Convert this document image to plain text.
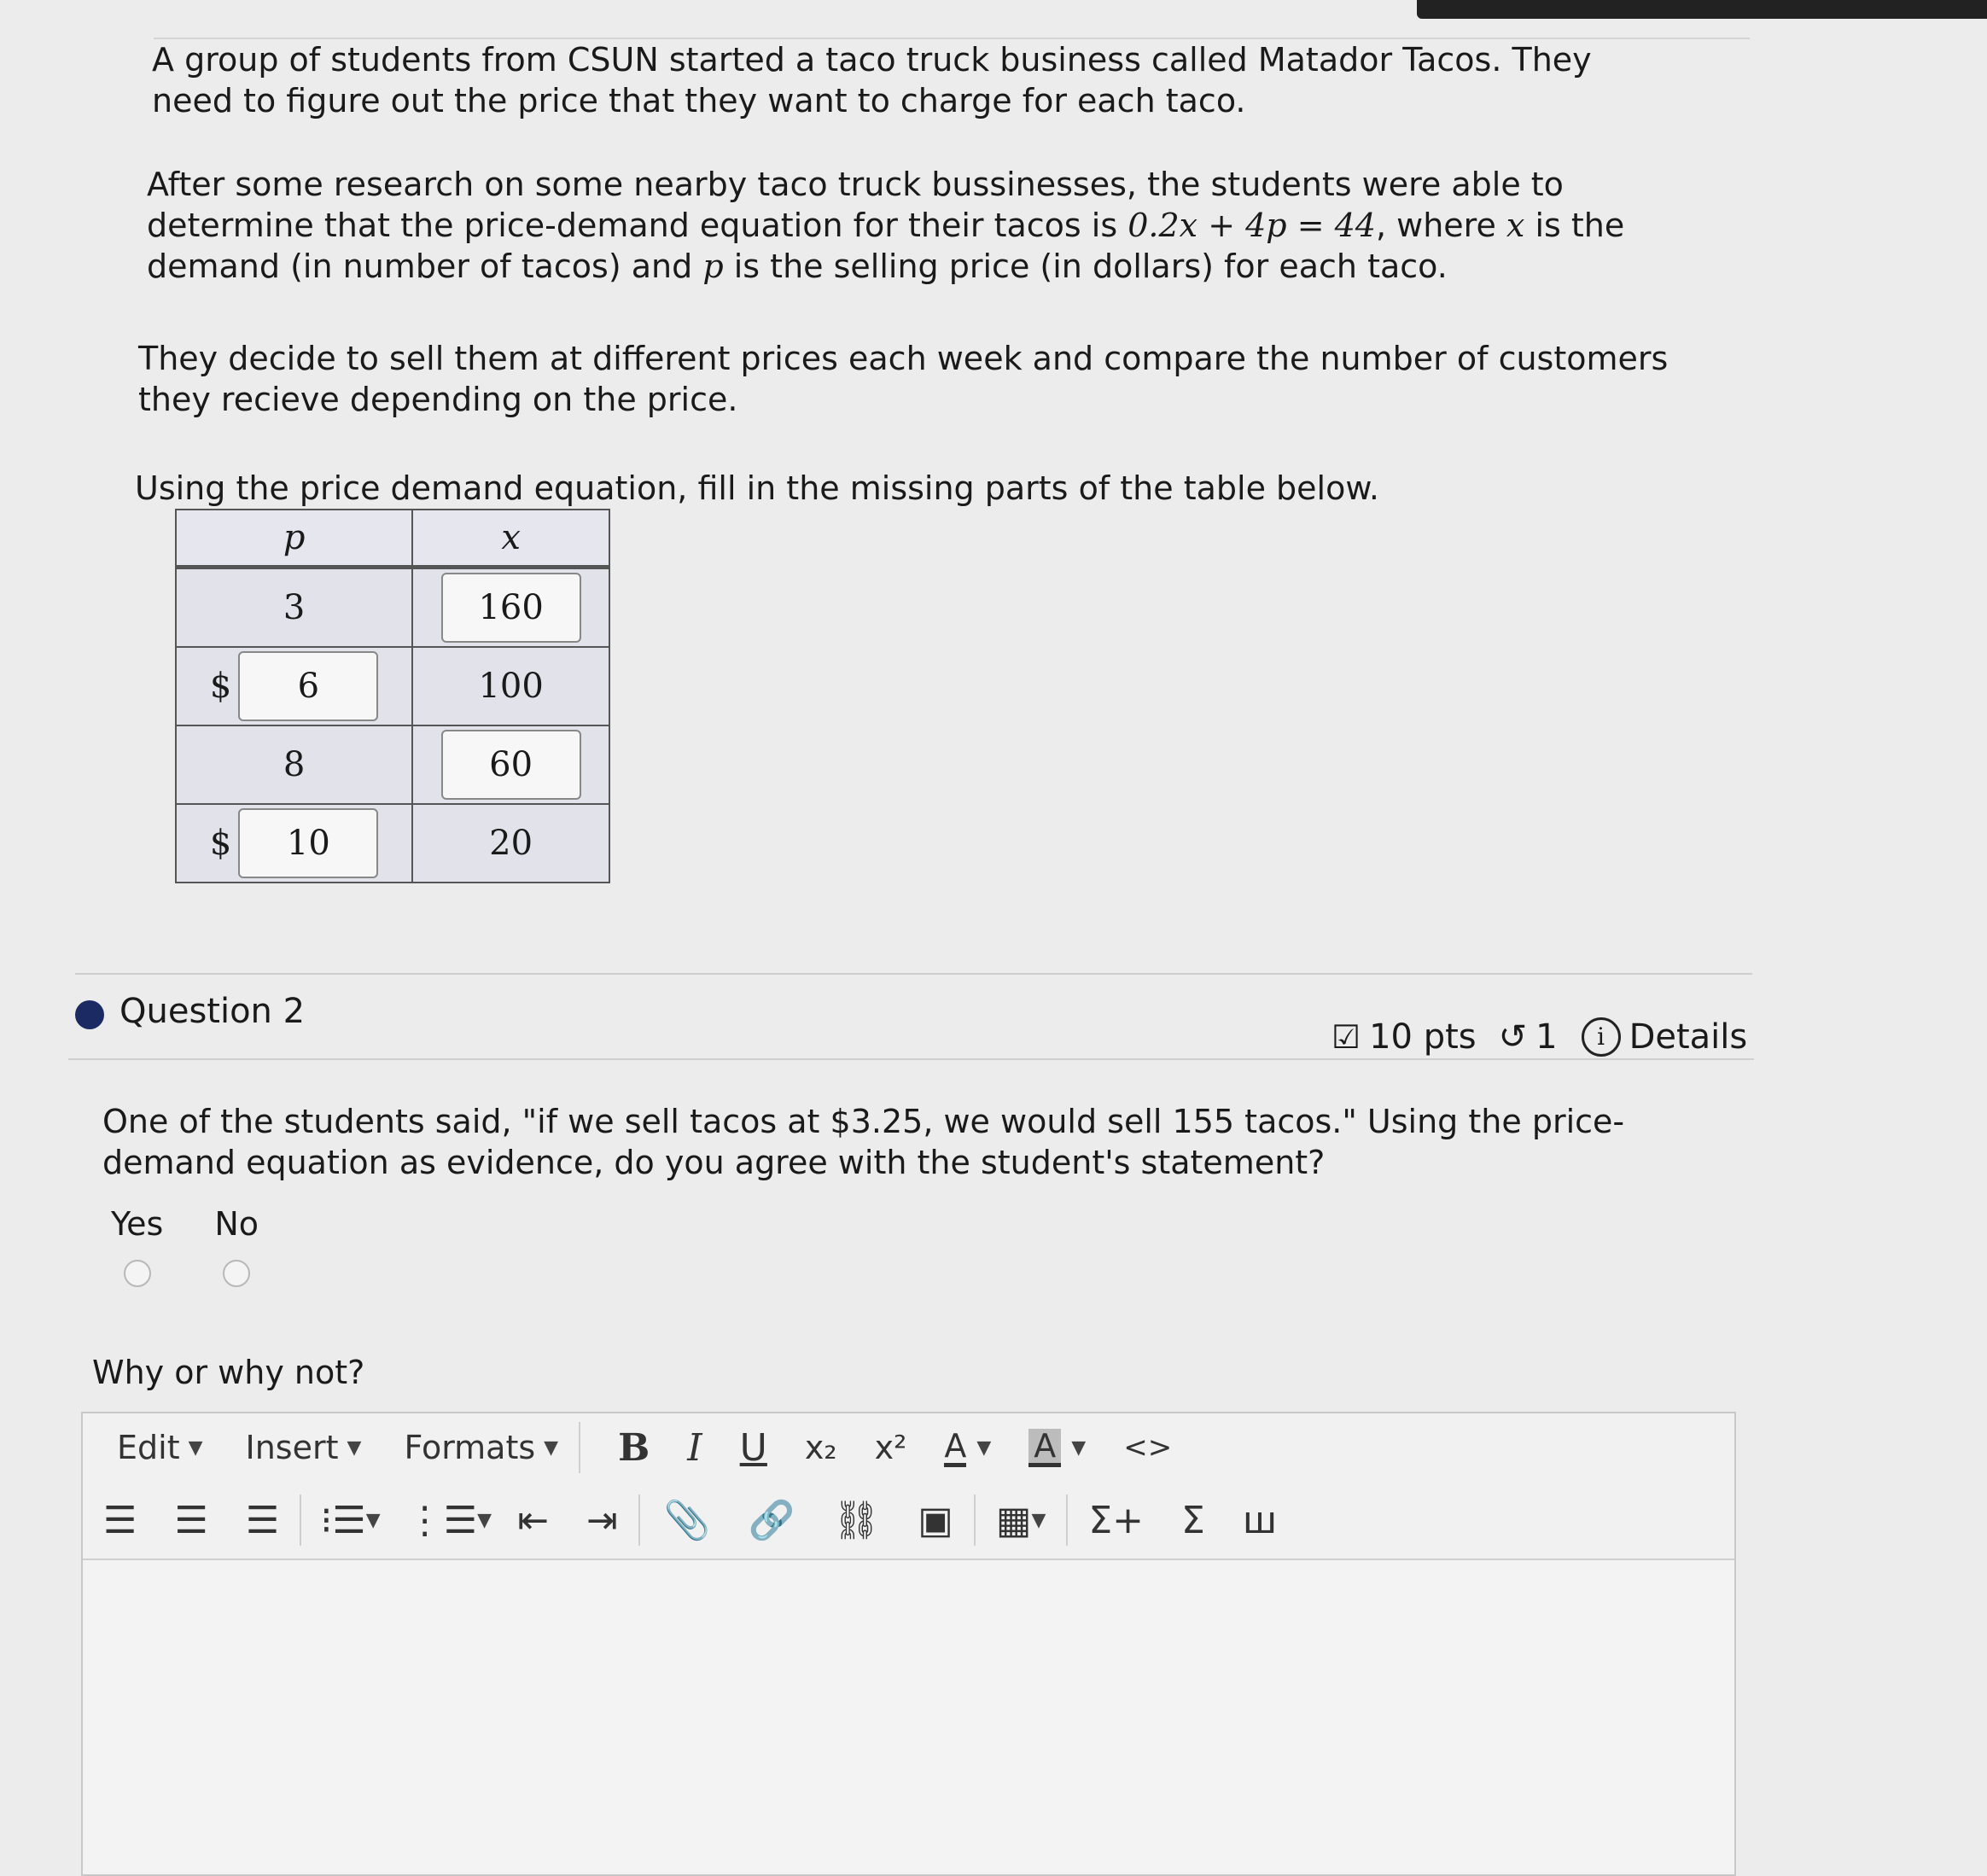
A group of students from CSUN started a taco truck business called Matador Tacos. They need to figure out the price that they want to charge for each taco.

After some research on some nearby taco truck bussinesses, the students were able to determine that the price-demand equation for their tacos is 0.2x + 4p = 44, where x is the demand (in number of tacos) and p is the selling price (in dollars) for each taco.

They decide to sell them at different prices each week and compare the number of customers they recieve depending on the price.

Using the price demand equation, fill in the missing parts of the table below.

p	x
3	160

$ 6	100
8	60

$ 10	20
Question 2
☑ 10 pts ↺ 1	i Details

One of the students said, "if we sell tacos at $3.25, we would sell 155 tacos." Using the price-demand equation as evidence, do you agree with the student's statement?

Yes No

Why or why not?

Edit ▼ Insert ▼ Formats ▼ B I U x₂ x² A ▼ A ▼ <>
☰ ☰ ☰ ⁝☰ ▼ ⋮☰ ▼ ⇤ ⇥ 📎 🔗 ⛓ ▣ ▦ ▼ Σ+ Σ ꟺ
